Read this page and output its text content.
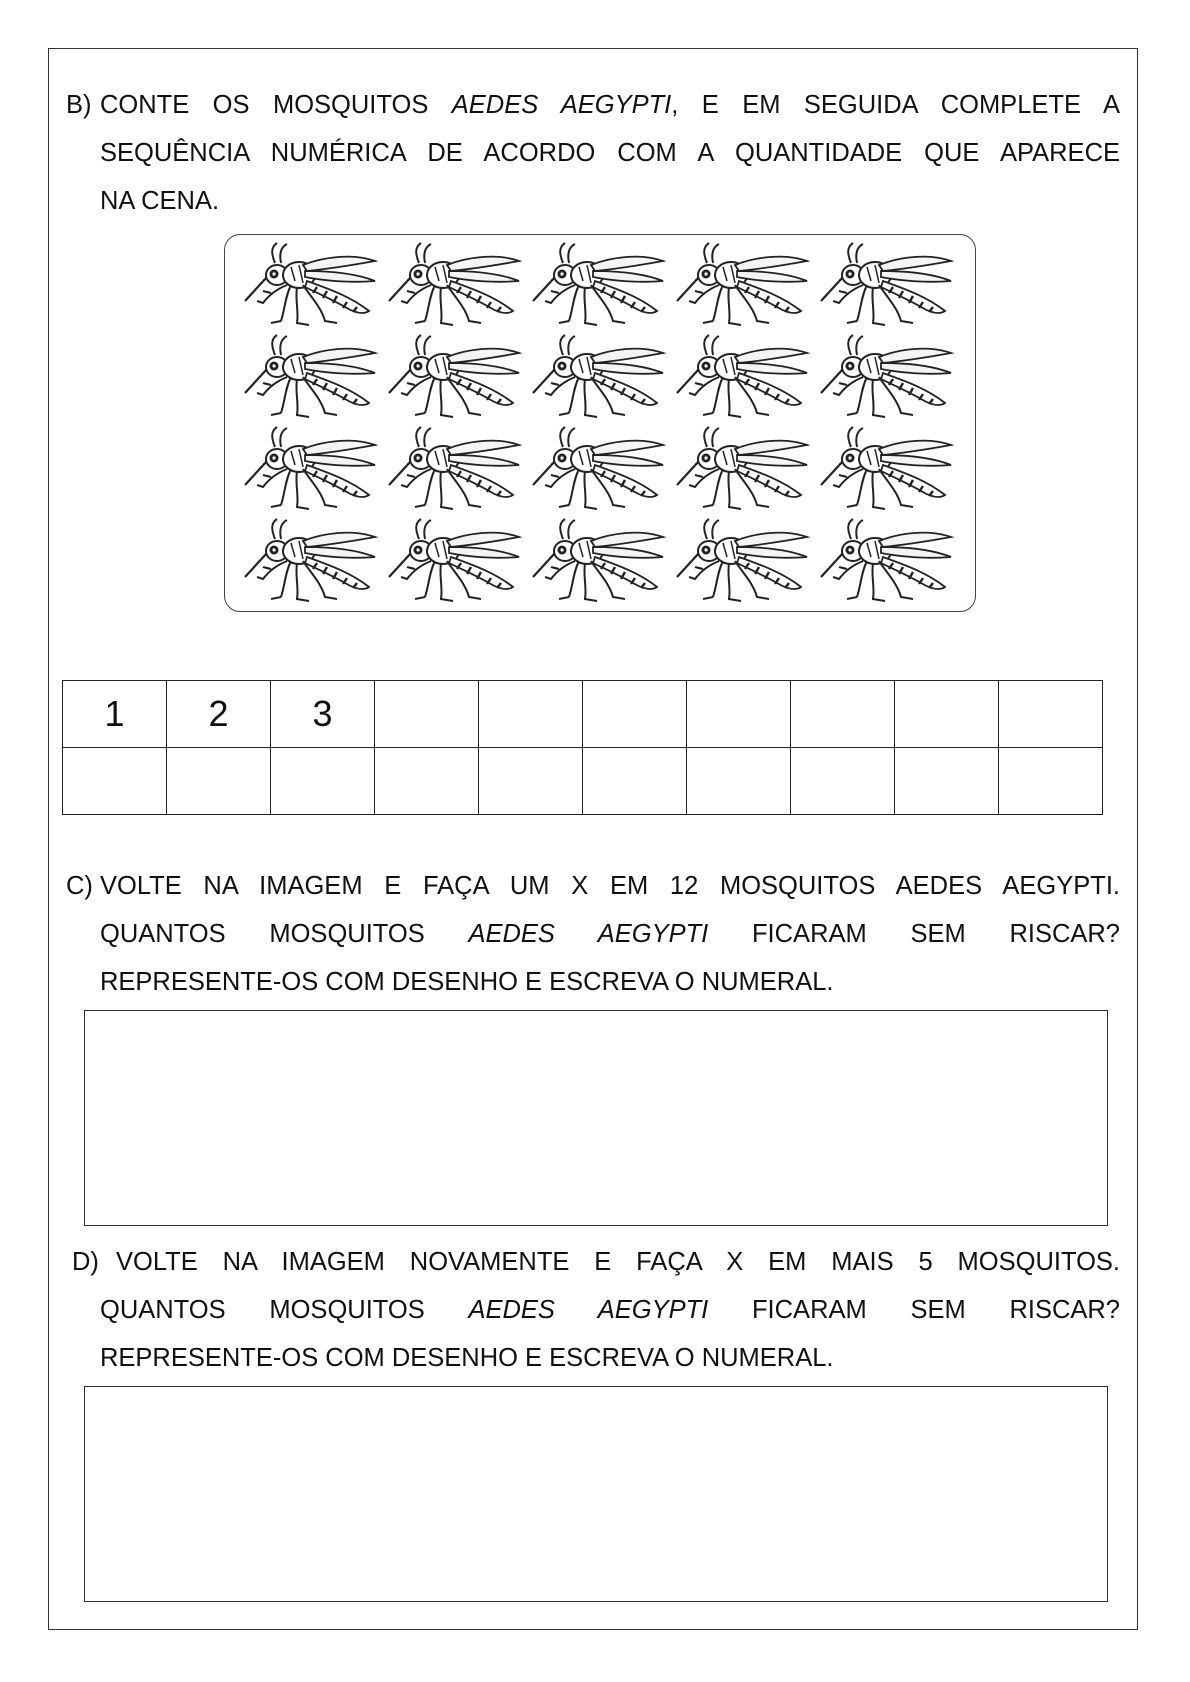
B) CONTE OS MOSQUITOS AEDES AEGYPTI, E EM SEGUIDA COMPLETE A
SEQUÊNCIA NUMÉRICA DE ACORDO COM A QUANTIDADE QUE APARECE
NA CENA.
1	2	3							

C) VOLTE NA IMAGEM E FAÇA UM X EM 12 MOSQUITOS AEDES AEGYPTI.
QUANTOS MOSQUITOS AEDES AEGYPTI FICARAM SEM RISCAR?
REPRESENTE-OS COM DESENHO E ESCREVA O NUMERAL.
D) VOLTE NA IMAGEM NOVAMENTE E FAÇA X EM MAIS 5 MOSQUITOS.
QUANTOS MOSQUITOS AEDES AEGYPTI FICARAM SEM RISCAR?
REPRESENTE-OS COM DESENHO E ESCREVA O NUMERAL.
